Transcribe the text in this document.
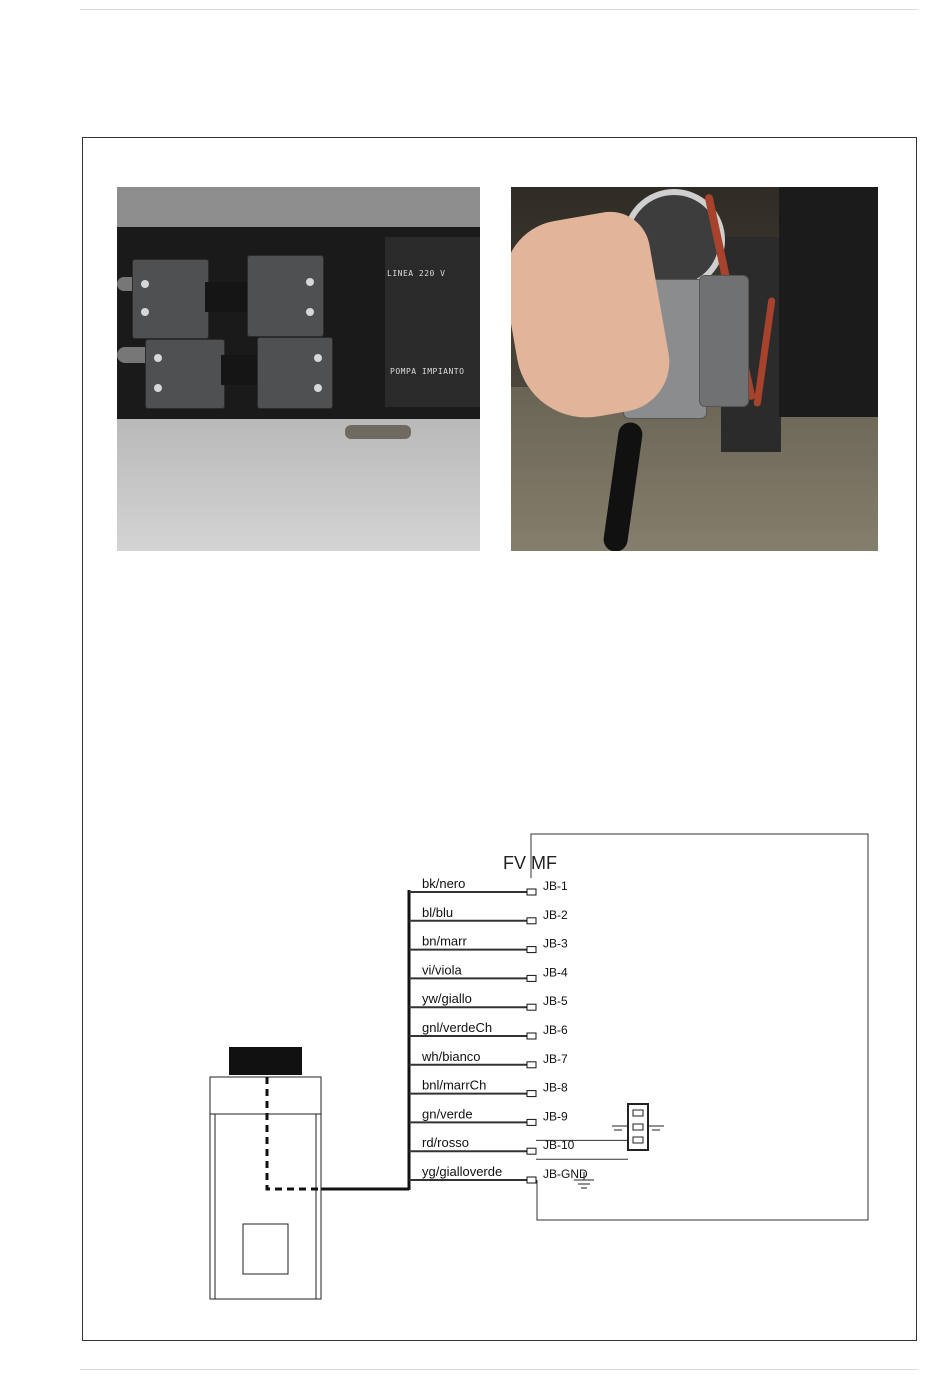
LINEA 220 V
POMPA IMPIANTO
FV MF
bk/nero	JB-1
bl/blu	JB-2
bn/marr	JB-3
vi/viola	JB-4
yw/giallo	JB-5
gnl/verdeCh	JB-6
wh/bianco	JB-7
bnl/marrCh	JB-8
gn/verde	JB-9
rd/rosso	JB-10
yg/gialloverde	JB-GND
